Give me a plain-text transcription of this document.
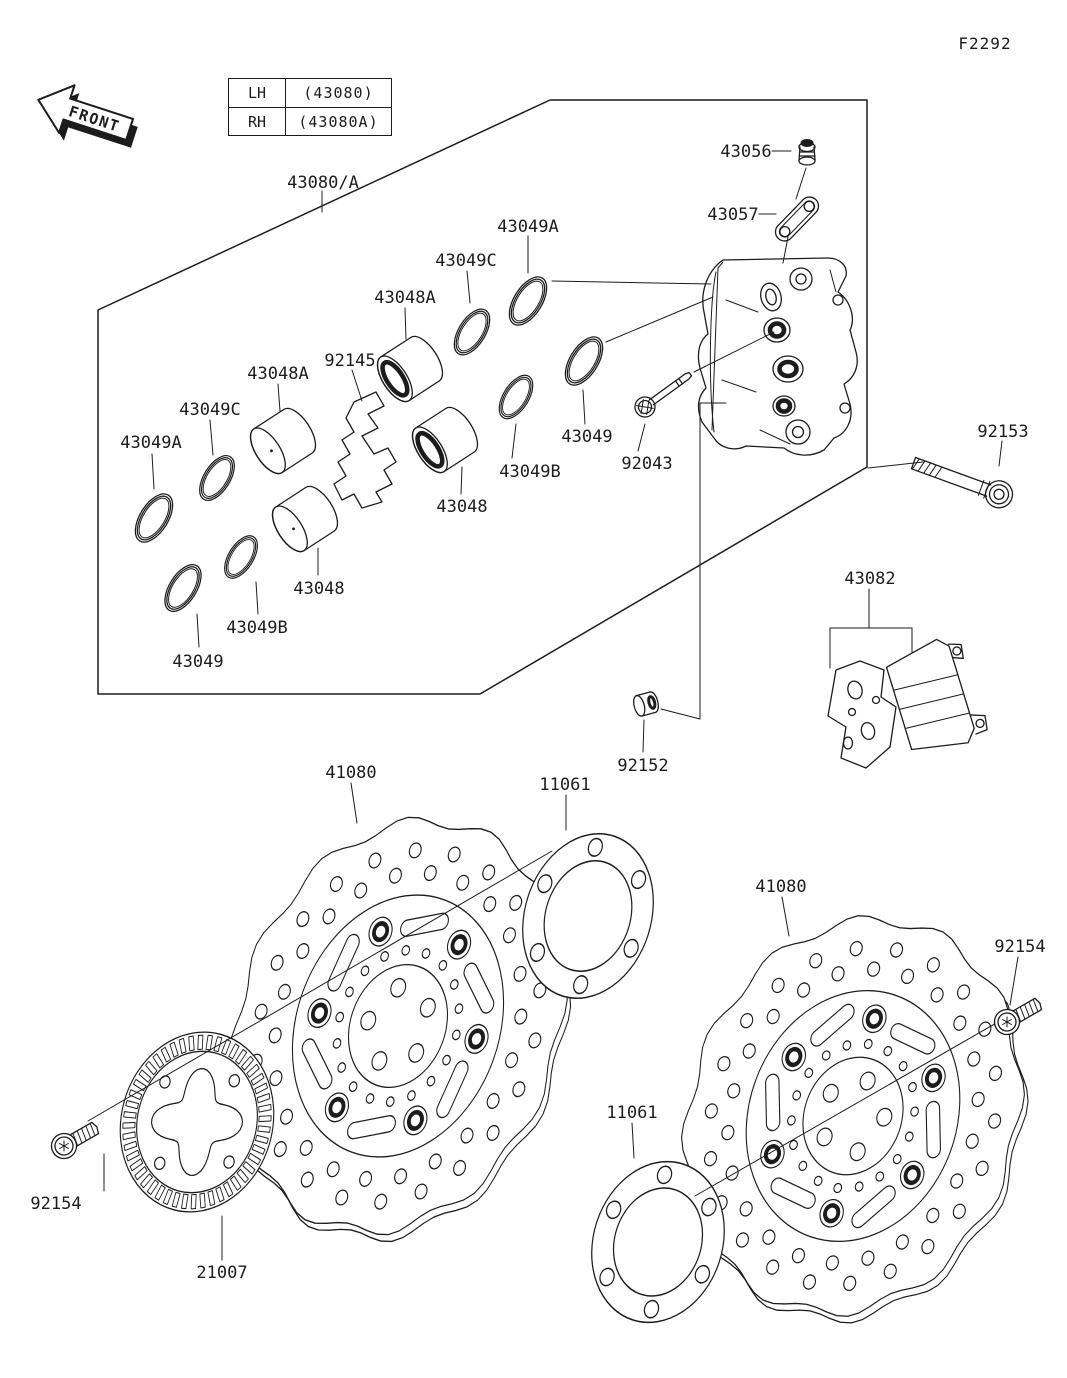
F2292
LH	(43080)
RH	(43080A)
FRONT
43080/A
43056
43057
43049A
43049C
43048A
92145
43049A
43049C
43048A
43049
43049B	92043
43048
43048
43049B
43049
92153
43082
92152
41080
11061
41080
92154
11061
92154
21007
